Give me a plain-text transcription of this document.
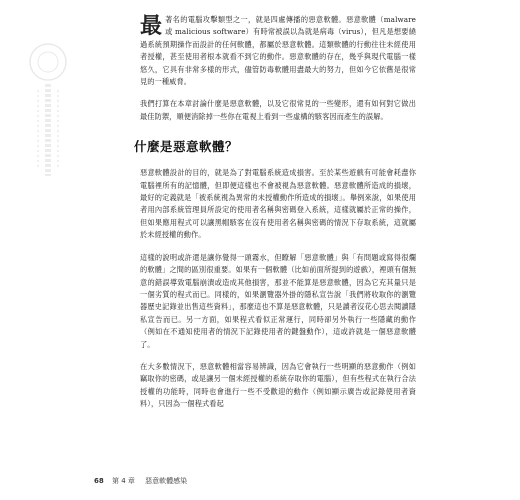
最著名的電腦攻擊類型之一，就是四處傳播的惡意軟體。惡意軟體（malware 或 malicious software）有時常被誤以為就是病毒（virus），但凡是想要繞過系統預期操作而設計的任何軟體，都屬於惡意軟體。這類軟體的行動往往未經使用者授權，甚至使用者根本就看不到它的動作。惡意軟體的存在，幾乎與現代電腦一樣悠久，它具有非常多樣的形式，儘管防毒軟體用盡最大的努力，但如今它依舊是很常見的一種威脅。

我們打算在本章討論什麼是惡意軟體，以及它很常見的一些變形，還有如何對它做出最佳防禦，順便消除掉一些你在電視上看到一些虛構的駭客因而產生的誤解。

什麼是惡意軟體？

惡意軟體設計的目的，就是為了對電腦系統造成損害。至於某些遊戲有可能會耗盡你電腦裡所有的記憶體，但即便這樣也不會被視為惡意軟體。惡意軟體所造成的損壞，最好的定義就是「被系統視為異常的未授權動作所造成的損壞」。舉例來說，如果使用者用內部系統管理員所設定的使用者名稱與密碼登入系統，這樣就屬於正常的操作，但如果應用程式可以讓黑帽駭客在沒有使用者名稱與密碼的情況下存取系統，這就屬於未經授權的動作。

這樣的說明或許還是讓你覺得一頭霧水，但瞭解「惡意軟體」與「有問題或寫得很爛的軟體」之間的區別很重要。如果有一個軟體（比如前面所提到的遊戲），裡頭有個無意的錯誤導致電腦崩潰或造成其他損害，那並不能算是惡意軟體，因為它充其量只是一個劣質的程式而已。同樣的，如果瀏覽器外掛的隱私宣告說「我們將收取你的瀏覽器歷史記錄並出售這些資料」，那麼這也不算是惡意軟體，只是讀者沒花心思去閱讀隱私宣告而已。另一方面，如果程式看似正常運行，同時卻另外執行一些隱藏的動作（例如在不通知使用者的情況下記錄使用者的鍵盤動作），這或許就是一個惡意軟體了。

在大多數情況下，惡意軟體相當容易辨識，因為它會執行一些明顯的惡意動作（例如竊取你的密碼，或是讓另一個未經授權的系統存取你的電腦），但有些程式在執行合法授權的功能時，同時也會進行一些不受歡迎的動作（例如顯示廣告或記錄使用者資料），只因為一個程式看起

68 第 4 章 惡意軟體感染
